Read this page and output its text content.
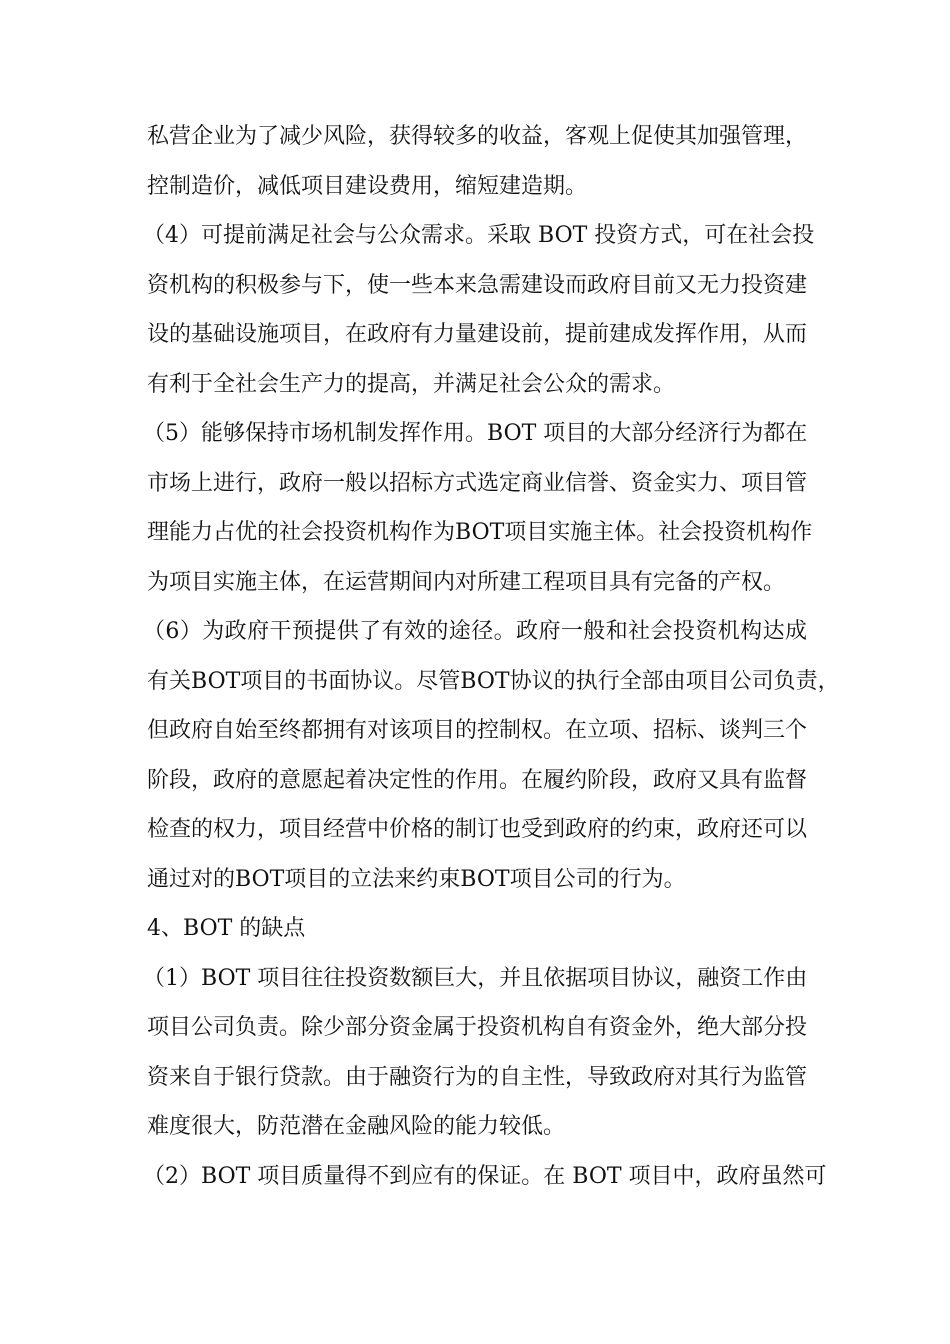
私营企业为了减少风险，获得较多的收益，客观上促使其加强管理，
控制造价，减低项目建设费用，缩短建造期。
（4）可提前满足社会与公众需求。采取 BOT 投资方式，可在社会投
资机构的积极参与下，使一些本来急需建设而政府目前又无力投资建
设的基础设施项目，在政府有力量建设前，提前建成发挥作用，从而
有利于全社会生产力的提高，并满足社会公众的需求。
（5）能够保持市场机制发挥作用。BOT 项目的大部分经济行为都在
市场上进行，政府一般以招标方式选定商业信誉、资金实力、项目管
理能力占优的社会投资机构作为BOT项目实施主体。社会投资机构作
为项目实施主体，在运营期间内对所建工程项目具有完备的产权。
（6）为政府干预提供了有效的途径。政府一般和社会投资机构达成
有关BOT项目的书面协议。尽管BOT协议的执行全部由项目公司负责，
但政府自始至终都拥有对该项目的控制权。在立项、招标、谈判三个
阶段，政府的意愿起着决定性的作用。在履约阶段，政府又具有监督
检查的权力，项目经营中价格的制订也受到政府的约束，政府还可以
通过对的BOT项目的立法来约束BOT项目公司的行为。
4、BOT 的缺点
（1）BOT 项目往往投资数额巨大，并且依据项目协议，融资工作由
项目公司负责。除少部分资金属于投资机构自有资金外，绝大部分投
资来自于银行贷款。由于融资行为的自主性，导致政府对其行为监管
难度很大，防范潜在金融风险的能力较低。
（2）BOT 项目质量得不到应有的保证。在 BOT 项目中，政府虽然可
